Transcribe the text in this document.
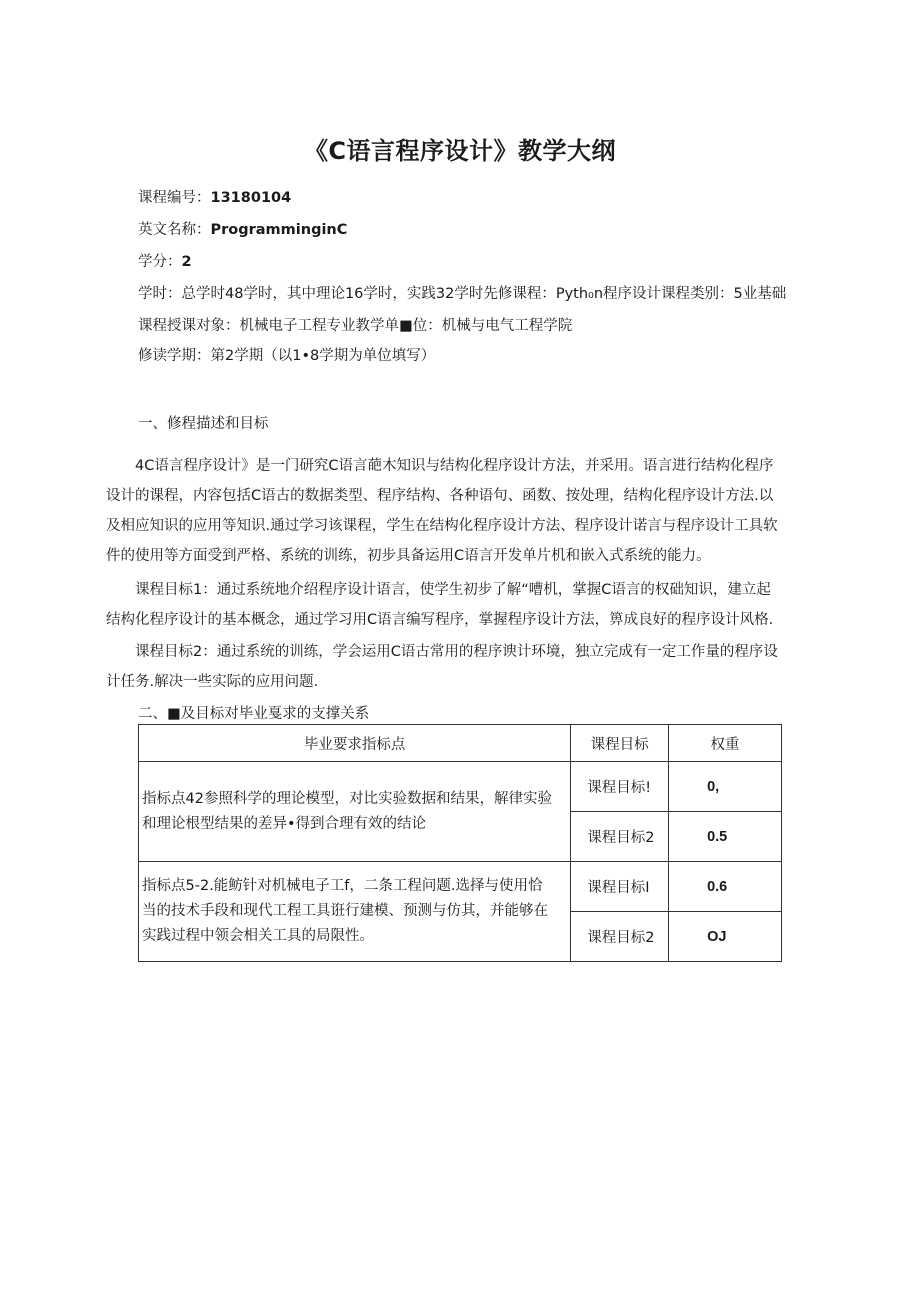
《C语言程序设计》教学大纲
课程编号：13180104
英文名称：ProgramminginC
学分：2
学时：总学时48学时，其中理论16学时，实践32学时先修课程：Pyth₀n程序设计课程类别：5业基础
课程授课对象：机械电子工程专业教学单■位：机械与电气工程学院
修读学期：第2学期（以1•8学期为单位填写）
一、修程描述和目标
4C语言程序设计》是一门研究C语言葩木知识与结构化程序设计方法，并采用。语言进行结构化程序
设计的课程，内容包括C语古的数据类型、程序结构、各种语句、函数、按处理，结构化程序设计方法.以
及相应知识的应用等知识.通过学习该课程，学生在结构化程序设计方法、程序设计诺言与程序设计工具软
件的使用等方面受到严格、系统的训练，初步具备运用C语言开发单片机和嵌入式系统的能力。
课程目标1：通过系统地介绍程序设计语言，使学生初步了解“嘈机，掌握C语言的权础知识，建立起
结构化程序设计的基本概念，通过学习用C语言编写程序，掌握程序设计方法，箅成良好的程序设计风格.
课程目标2：通过系统的训练，学会运用C语古常用的程序谀计环境，独立完成有一定工作量的程序设
计任务.解决一些实际的应用问题.
二、■及目标对毕业戛求的支撑关系
毕业要求指标点	课程目标	权重

指标点42参照科学的理论模型，对比实验数据和结果，解律实验
和理论根型结果的差异•得到合理有效的结论	课程目标!	0,
	课程目标2	0.5

指标点5-2.能鲂针对机械电子工f，二条工程问题.选择与使用恰
当的技术手段和现代工程工具诳行建模、预测与仿其，并能够在
实践过程中领会相关工具的局限性。	课程目标I	0.6
	课程目标2	OJ
